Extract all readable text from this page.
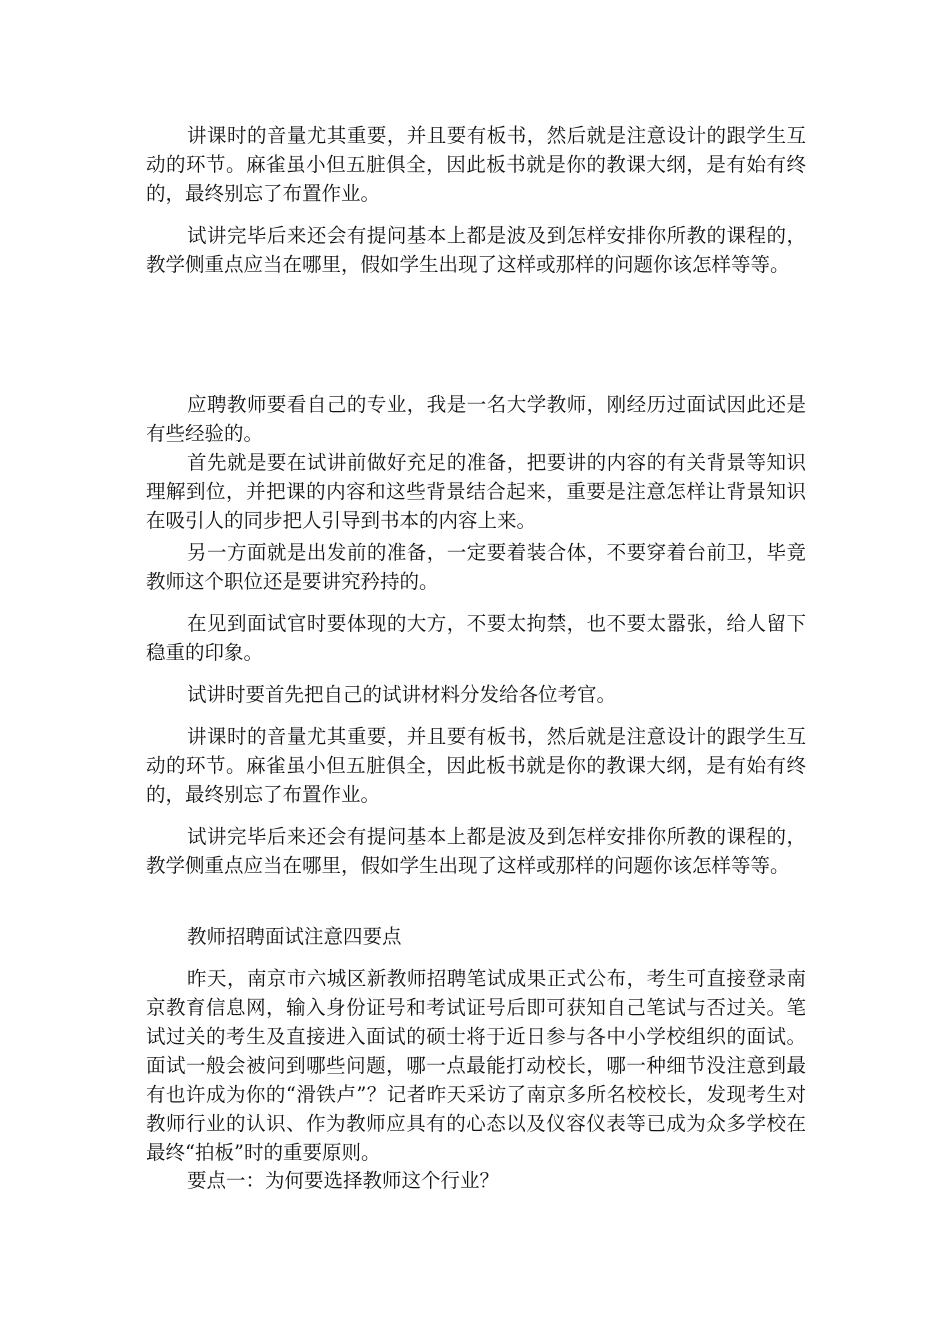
讲课时的音量尤其重要，并且要有板书，然后就是注意设计的跟学生互动的环节。麻雀虽小但五脏俱全，因此板书就是你的教课大纲，是有始有终的，最终别忘了布置作业。

试讲完毕后来还会有提问基本上都是波及到怎样安排你所教的课程的，教学侧重点应当在哪里，假如学生出现了这样或那样的问题你该怎样等等。

应聘教师要看自己的专业，我是一名大学教师，刚经历过面试因此还是有些经验的。

首先就是要在试讲前做好充足的准备，把要讲的内容的有关背景等知识理解到位，并把课的内容和这些背景结合起来，重要是注意怎样让背景知识在吸引人的同步把人引导到书本的内容上来。

另一方面就是出发前的准备，一定要着装合体，不要穿着台前卫，毕竟教师这个职位还是要讲究矜持的。

在见到面试官时要体现的大方，不要太拘禁，也不要太嚣张，给人留下稳重的印象。

试讲时要首先把自己的试讲材料分发给各位考官。

讲课时的音量尤其重要，并且要有板书，然后就是注意设计的跟学生互动的环节。麻雀虽小但五脏俱全，因此板书就是你的教课大纲，是有始有终的，最终别忘了布置作业。

试讲完毕后来还会有提问基本上都是波及到怎样安排你所教的课程的，教学侧重点应当在哪里，假如学生出现了这样或那样的问题你该怎样等等。

教师招聘面试注意四要点

昨天，南京市六城区新教师招聘笔试成果正式公布，考生可直接登录南京教育信息网，输入身份证号和考试证号后即可获知自己笔试与否过关。笔试过关的考生及直接进入面试的硕士将于近日参与各中小学校组织的面试。面试一般会被问到哪些问题，哪一点最能打动校长，哪一种细节没注意到最有也许成为你的“滑铁卢”？记者昨天采访了南京多所名校校长，发现考生对教师行业的认识、作为教师应具有的心态以及仪容仪表等已成为众多学校在最终“拍板”时的重要原则。

要点一：为何要选择教师这个行业？
